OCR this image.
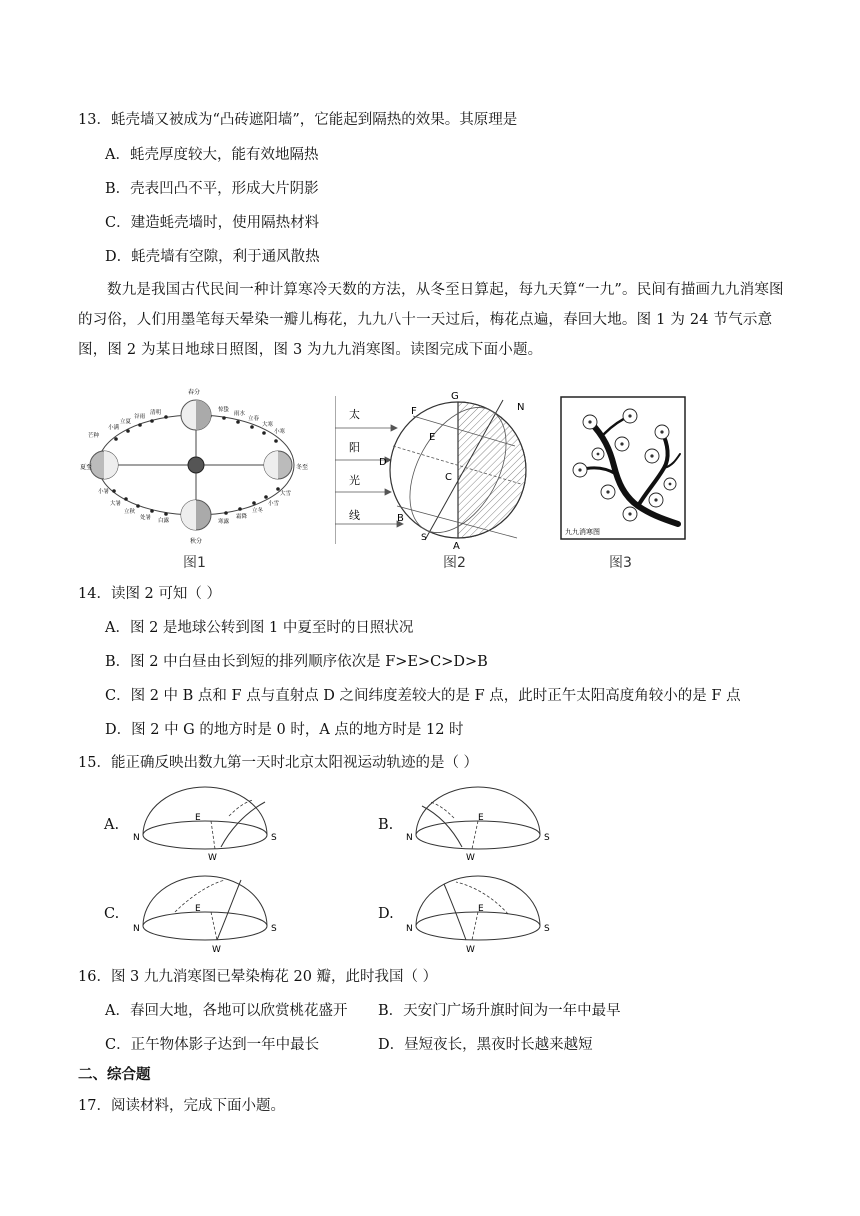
13．蚝壳墙又被成为“凸砖遮阳墙”，它能起到隔热的效果。其原理是
A．蚝壳厚度较大，能有效地隔热
B．壳表凹凸不平，形成大片阴影
C．建造蚝壳墙时，使用隔热材料
D．蚝壳墙有空隙，利于通风散热
数九是我国古代民间一种计算寒冷天数的方法，从冬至日算起，每九天算“一九”。民间有描画九九消寒图的习俗，人们用墨笔每天晕染一瓣儿梅花，九九八十一天过后，梅花点遍，春回大地。图 1 为 24 节气示意图，图 2 为某日地球日照图，图 3 为九九消寒图。读图完成下面小题。
春分
夏至
秋分
冬至
芒种
小满
立夏
谷雨
清明	惊蛰
雨水
立春
大寒
小寒
小暑
大暑
立秋
处暑 白露	寒露
霜降
立冬
小雪
大雪
图1
太
阳
光
线
G
N
F
E
D
C
B
S
A
图2
九九消寒图
图3
14．读图 2 可知（ ）
A．图 2 是地球公转到图 1 中夏至时的日照状况
B．图 2 中白昼由长到短的排列顺序依次是 F>E>C>D>B
C．图 2 中 B 点和 F 点与直射点 D 之间纬度差较大的是 F 点，此时正午太阳高度角较小的是 F 点
D．图 2 中 G 的地方时是 0 时，A 点的地方时是 12 时
15．能正确反映出数九第一天时北京太阳视运动轨迹的是（ ）
A.
N	S
E
W
B.
N	S
E
W
C.
N	S
E
W
D.
N	S
E
W
16．图 3 九九消寒图已晕染梅花 20 瓣，此时我国（ ）
A．春回大地，各地可以欣赏桃花盛开 B．天安门广场升旗时间为一年中最早
C．正午物体影子达到一年中最长	D．昼短夜长，黑夜时长越来越短
二、综合题
17．阅读材料，完成下面小题。
